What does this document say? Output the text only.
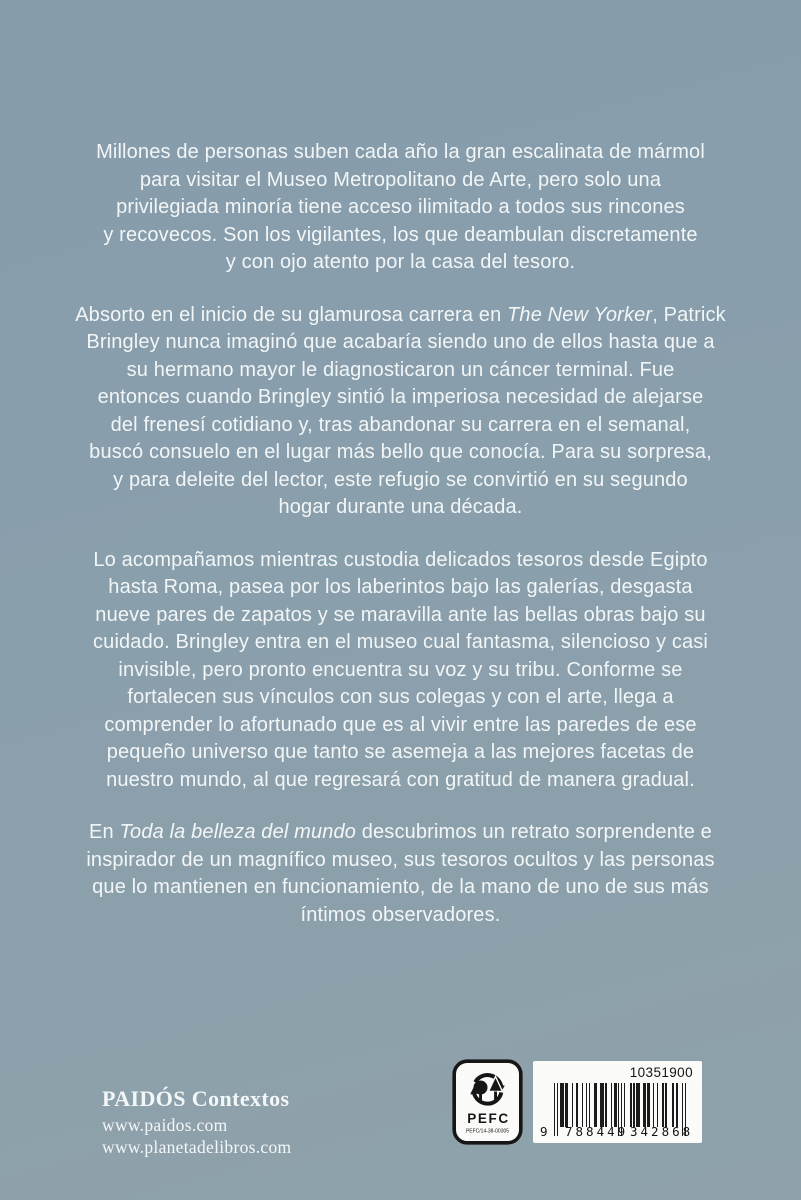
Millones de personas suben cada año la gran escalinata de mármol
para visitar el Museo Metropolitano de Arte, pero solo una
privilegiada minoría tiene acceso ilimitado a todos sus rincones
y recovecos. Son los vigilantes, los que deambulan discretamente
y con ojo atento por la casa del tesoro.
Absorto en el inicio de su glamurosa carrera en The New Yorker, Patrick
Bringley nunca imaginó que acabaría siendo uno de ellos hasta que a
su hermano mayor le diagnosticaron un cáncer terminal. Fue
entonces cuando Bringley sintió la imperiosa necesidad de alejarse
del frenesí cotidiano y, tras abandonar su carrera en el semanal,
buscó consuelo en el lugar más bello que conocía. Para su sorpresa,
y para deleite del lector, este refugio se convirtió en su segundo
hogar durante una década.
Lo acompañamos mientras custodia delicados tesoros desde Egipto
hasta Roma, pasea por los laberintos bajo las galerías, desgasta
nueve pares de zapatos y se maravilla ante las bellas obras bajo su
cuidado. Bringley entra en el museo cual fantasma, silencioso y casi
invisible, pero pronto encuentra su voz y su tribu. Conforme se
fortalecen sus vínculos con sus colegas y con el arte, llega a
comprender lo afortunado que es al vivir entre las paredes de ese
pequeño universo que tanto se asemeja a las mejores facetas de
nuestro mundo, al que regresará con gratitud de manera gradual.
En Toda la belleza del mundo descubrimos un retrato sorprendente e
inspirador de un magnífico museo, sus tesoros ocultos y las personas
que lo mantienen en funcionamiento, de la mano de uno de sus más
íntimos observadores.
PAIDÓS Contextos
www.paidos.com
www.planetadelibros.com
PEFC
PEFC/14-38-00305
10351900
9 788449 342868
